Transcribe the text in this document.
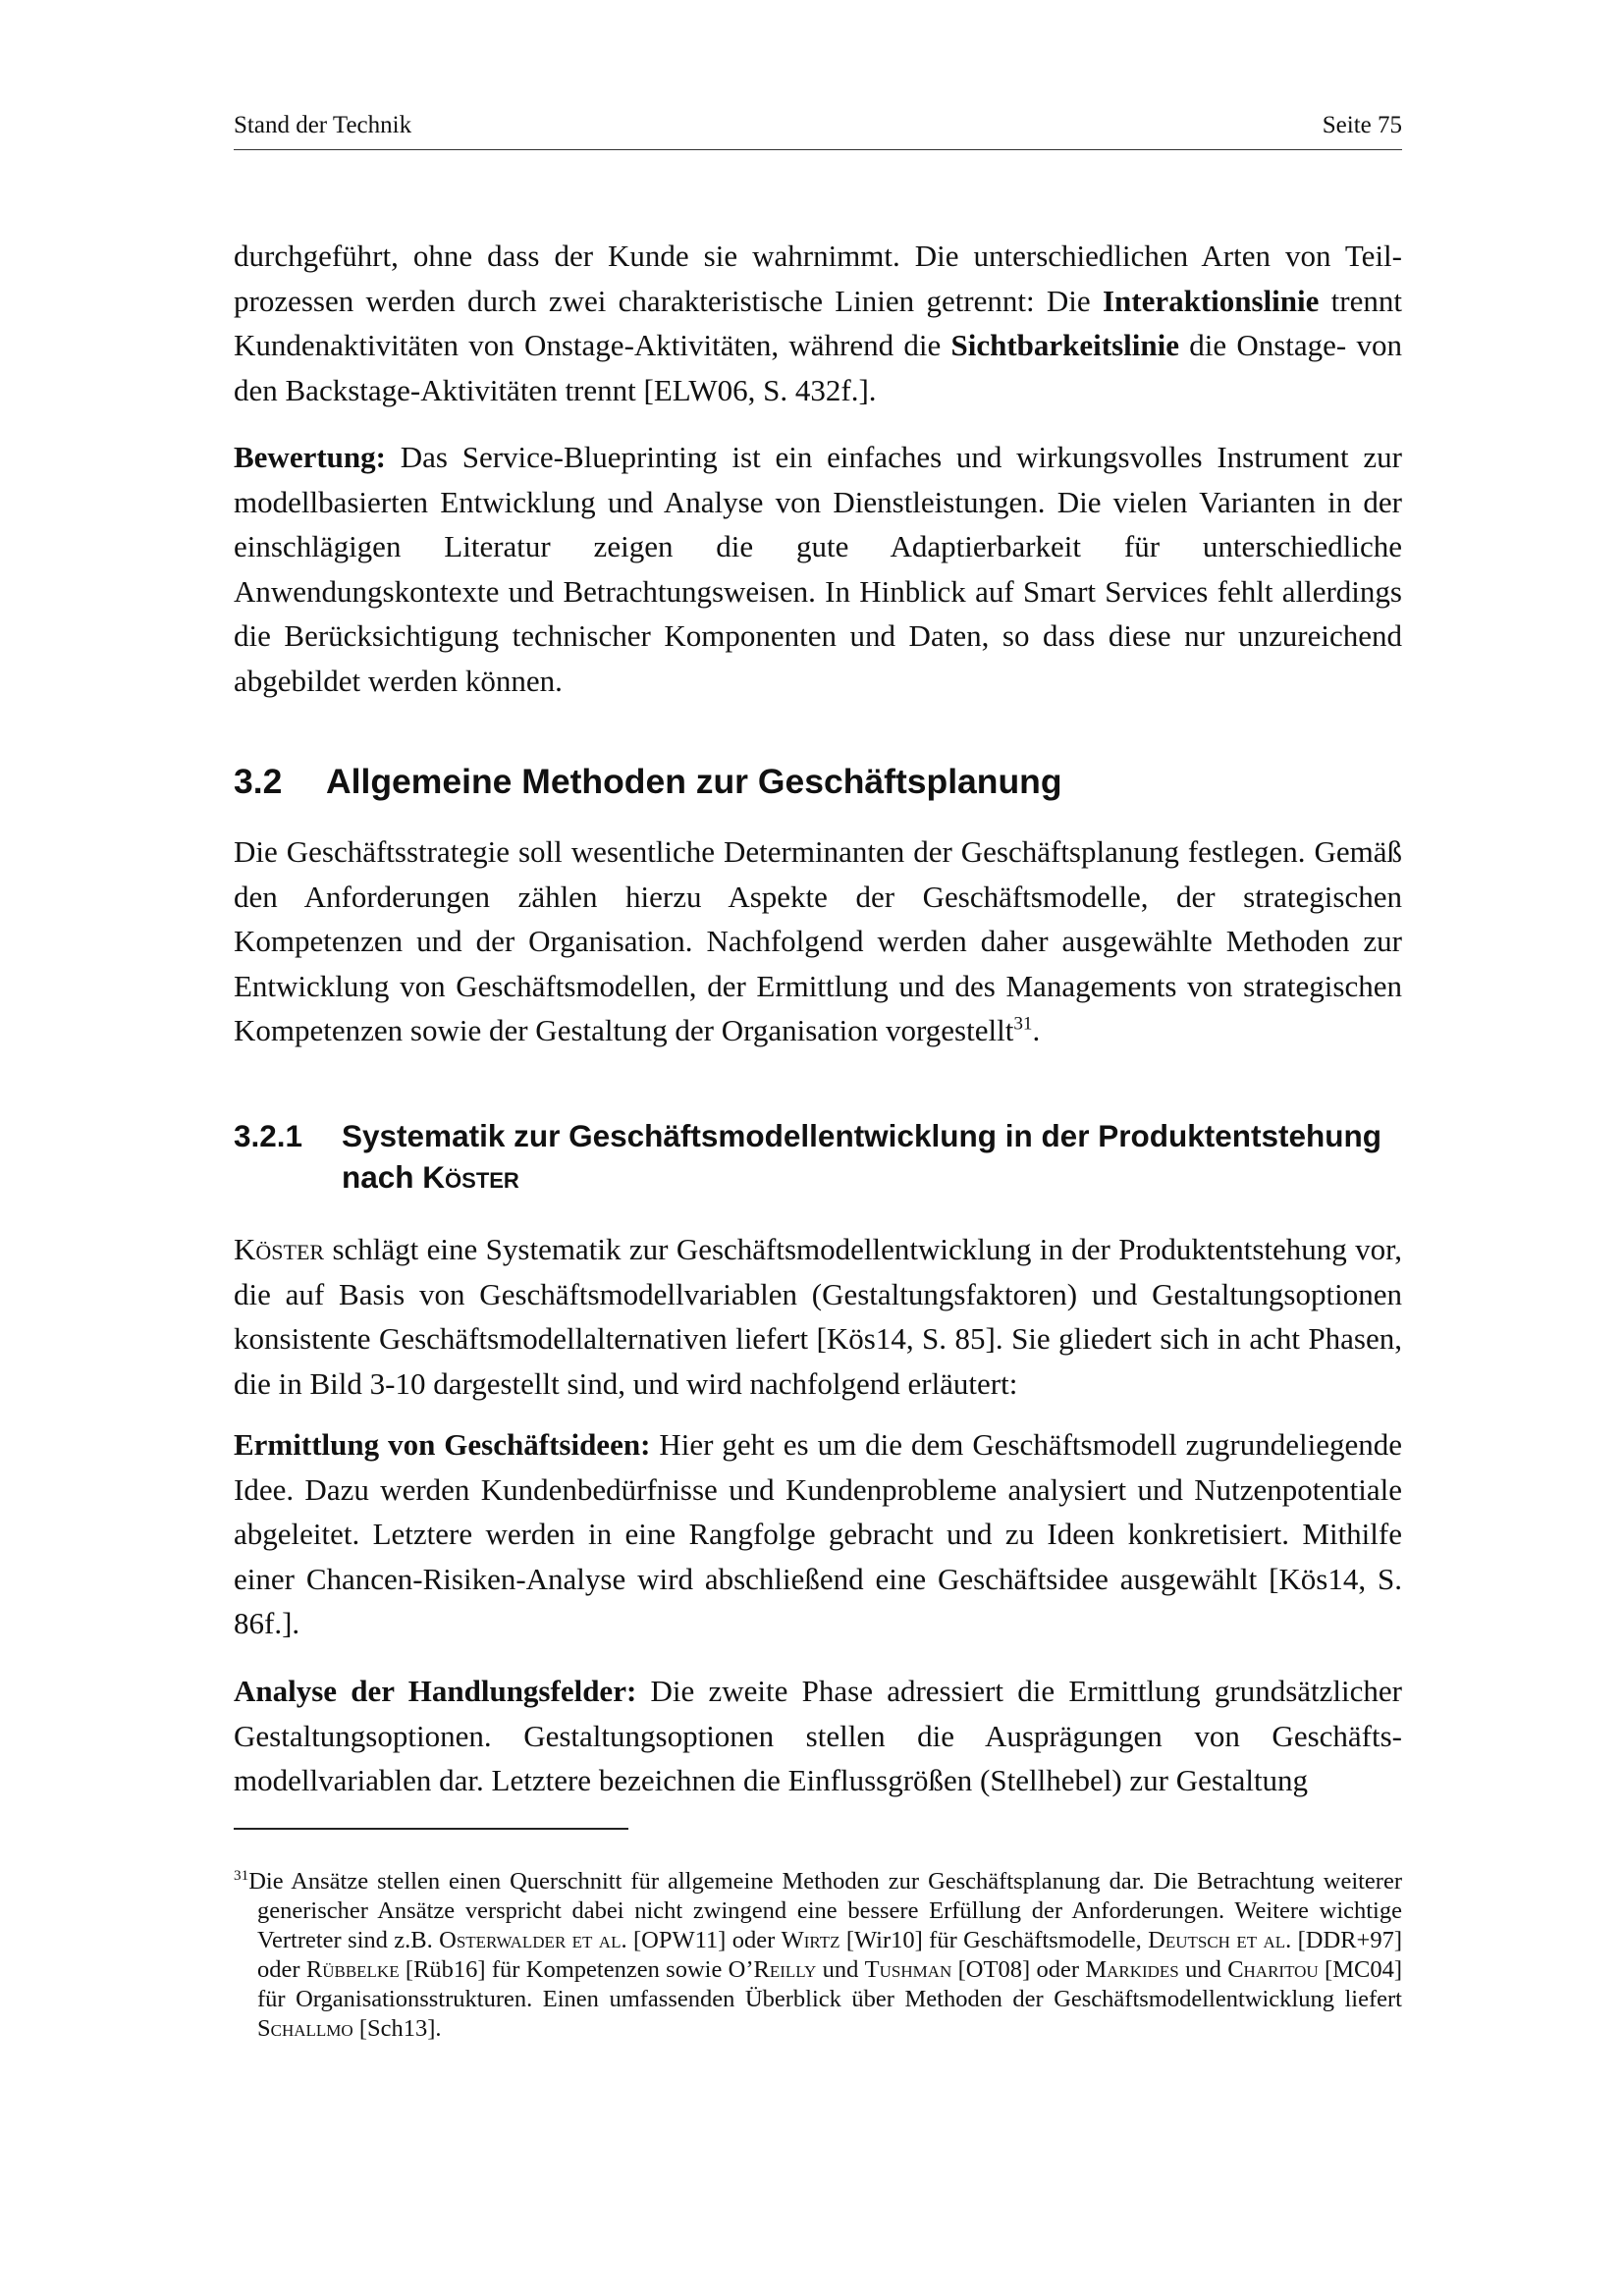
Stand der Technik	Seite 75
durchgeführt, ohne dass der Kunde sie wahrnimmt. Die unterschiedlichen Arten von Teilprozessen werden durch zwei charakteristische Linien getrennt: Die Interaktionslinie trennt Kundenaktivitäten von Onstage-Aktivitäten, während die Sichtbarkeitslinie die Onstage- von den Backstage-Aktivitäten trennt [ELW06, S. 432f.].
Bewertung: Das Service-Blueprinting ist ein einfaches und wirkungsvolles Instrument zur modellbasierten Entwicklung und Analyse von Dienstleistungen. Die vielen Varianten in der einschlägigen Literatur zeigen die gute Adaptierbarkeit für unterschiedliche Anwendungskontexte und Betrachtungsweisen. In Hinblick auf Smart Services fehlt allerdings die Berücksichtigung technischer Komponenten und Daten, so dass diese nur unzureichend abgebildet werden können.
3.2 Allgemeine Methoden zur Geschäftsplanung
Die Geschäftsstrategie soll wesentliche Determinanten der Geschäftsplanung festlegen. Gemäß den Anforderungen zählen hierzu Aspekte der Geschäftsmodelle, der strategischen Kompetenzen und der Organisation. Nachfolgend werden daher ausgewählte Methoden zur Entwicklung von Geschäftsmodellen, der Ermittlung und des Managements von strategischen Kompetenzen sowie der Gestaltung der Organisation vorgestellt$^{31}$.
3.2.1 Systematik zur Geschäftsmodellentwicklung in der Produktentstehung nach Köster
Köster schlägt eine Systematik zur Geschäftsmodellentwicklung in der Produktentstehung vor, die auf Basis von Geschäftsmodellvariablen (Gestaltungsfaktoren) und Gestaltungsoptionen konsistente Geschäftsmodellalternativen liefert [Kös14, S. 85]. Sie gliedert sich in acht Phasen, die in Bild 3-10 dargestellt sind, und wird nachfolgend erläutert:
Ermittlung von Geschäftsideen: Hier geht es um die dem Geschäftsmodell zugrundeliegende Idee. Dazu werden Kundenbedürfnisse und Kundenprobleme analysiert und Nutzenpotentiale abgeleitet. Letztere werden in eine Rangfolge gebracht und zu Ideen konkretisiert. Mithilfe einer Chancen-Risiken-Analyse wird abschließend eine Geschäftsidee ausgewählt [Kös14, S. 86f.].
Analyse der Handlungsfelder: Die zweite Phase adressiert die Ermittlung grundsätzlicher Gestaltungsoptionen. Gestaltungsoptionen stellen die Ausprägungen von Geschäftsmodellvariablen dar. Letztere bezeichnen die Einflussgrößen (Stellhebel) zur Gestaltung
$^{31}$Die Ansätze stellen einen Querschnitt für allgemeine Methoden zur Geschäftsplanung dar. Die Betrachtung weiterer generischer Ansätze verspricht dabei nicht zwingend eine bessere Erfüllung der Anforderungen. Weitere wichtige Vertreter sind z.B. Osterwalder et al. [OPW11] oder Wirtz [Wir10] für Geschäftsmodelle, Deutsch et al. [DDR+97] oder Rübbelke [Rüb16] für Kompetenzen sowie O’Reilly und Tushman [OT08] oder Markides und Charitou [MC04] für Organisationsstrukturen. Einen umfassenden Überblick über Methoden der Geschäftsmodellentwicklung liefert Schallmo [Sch13].
